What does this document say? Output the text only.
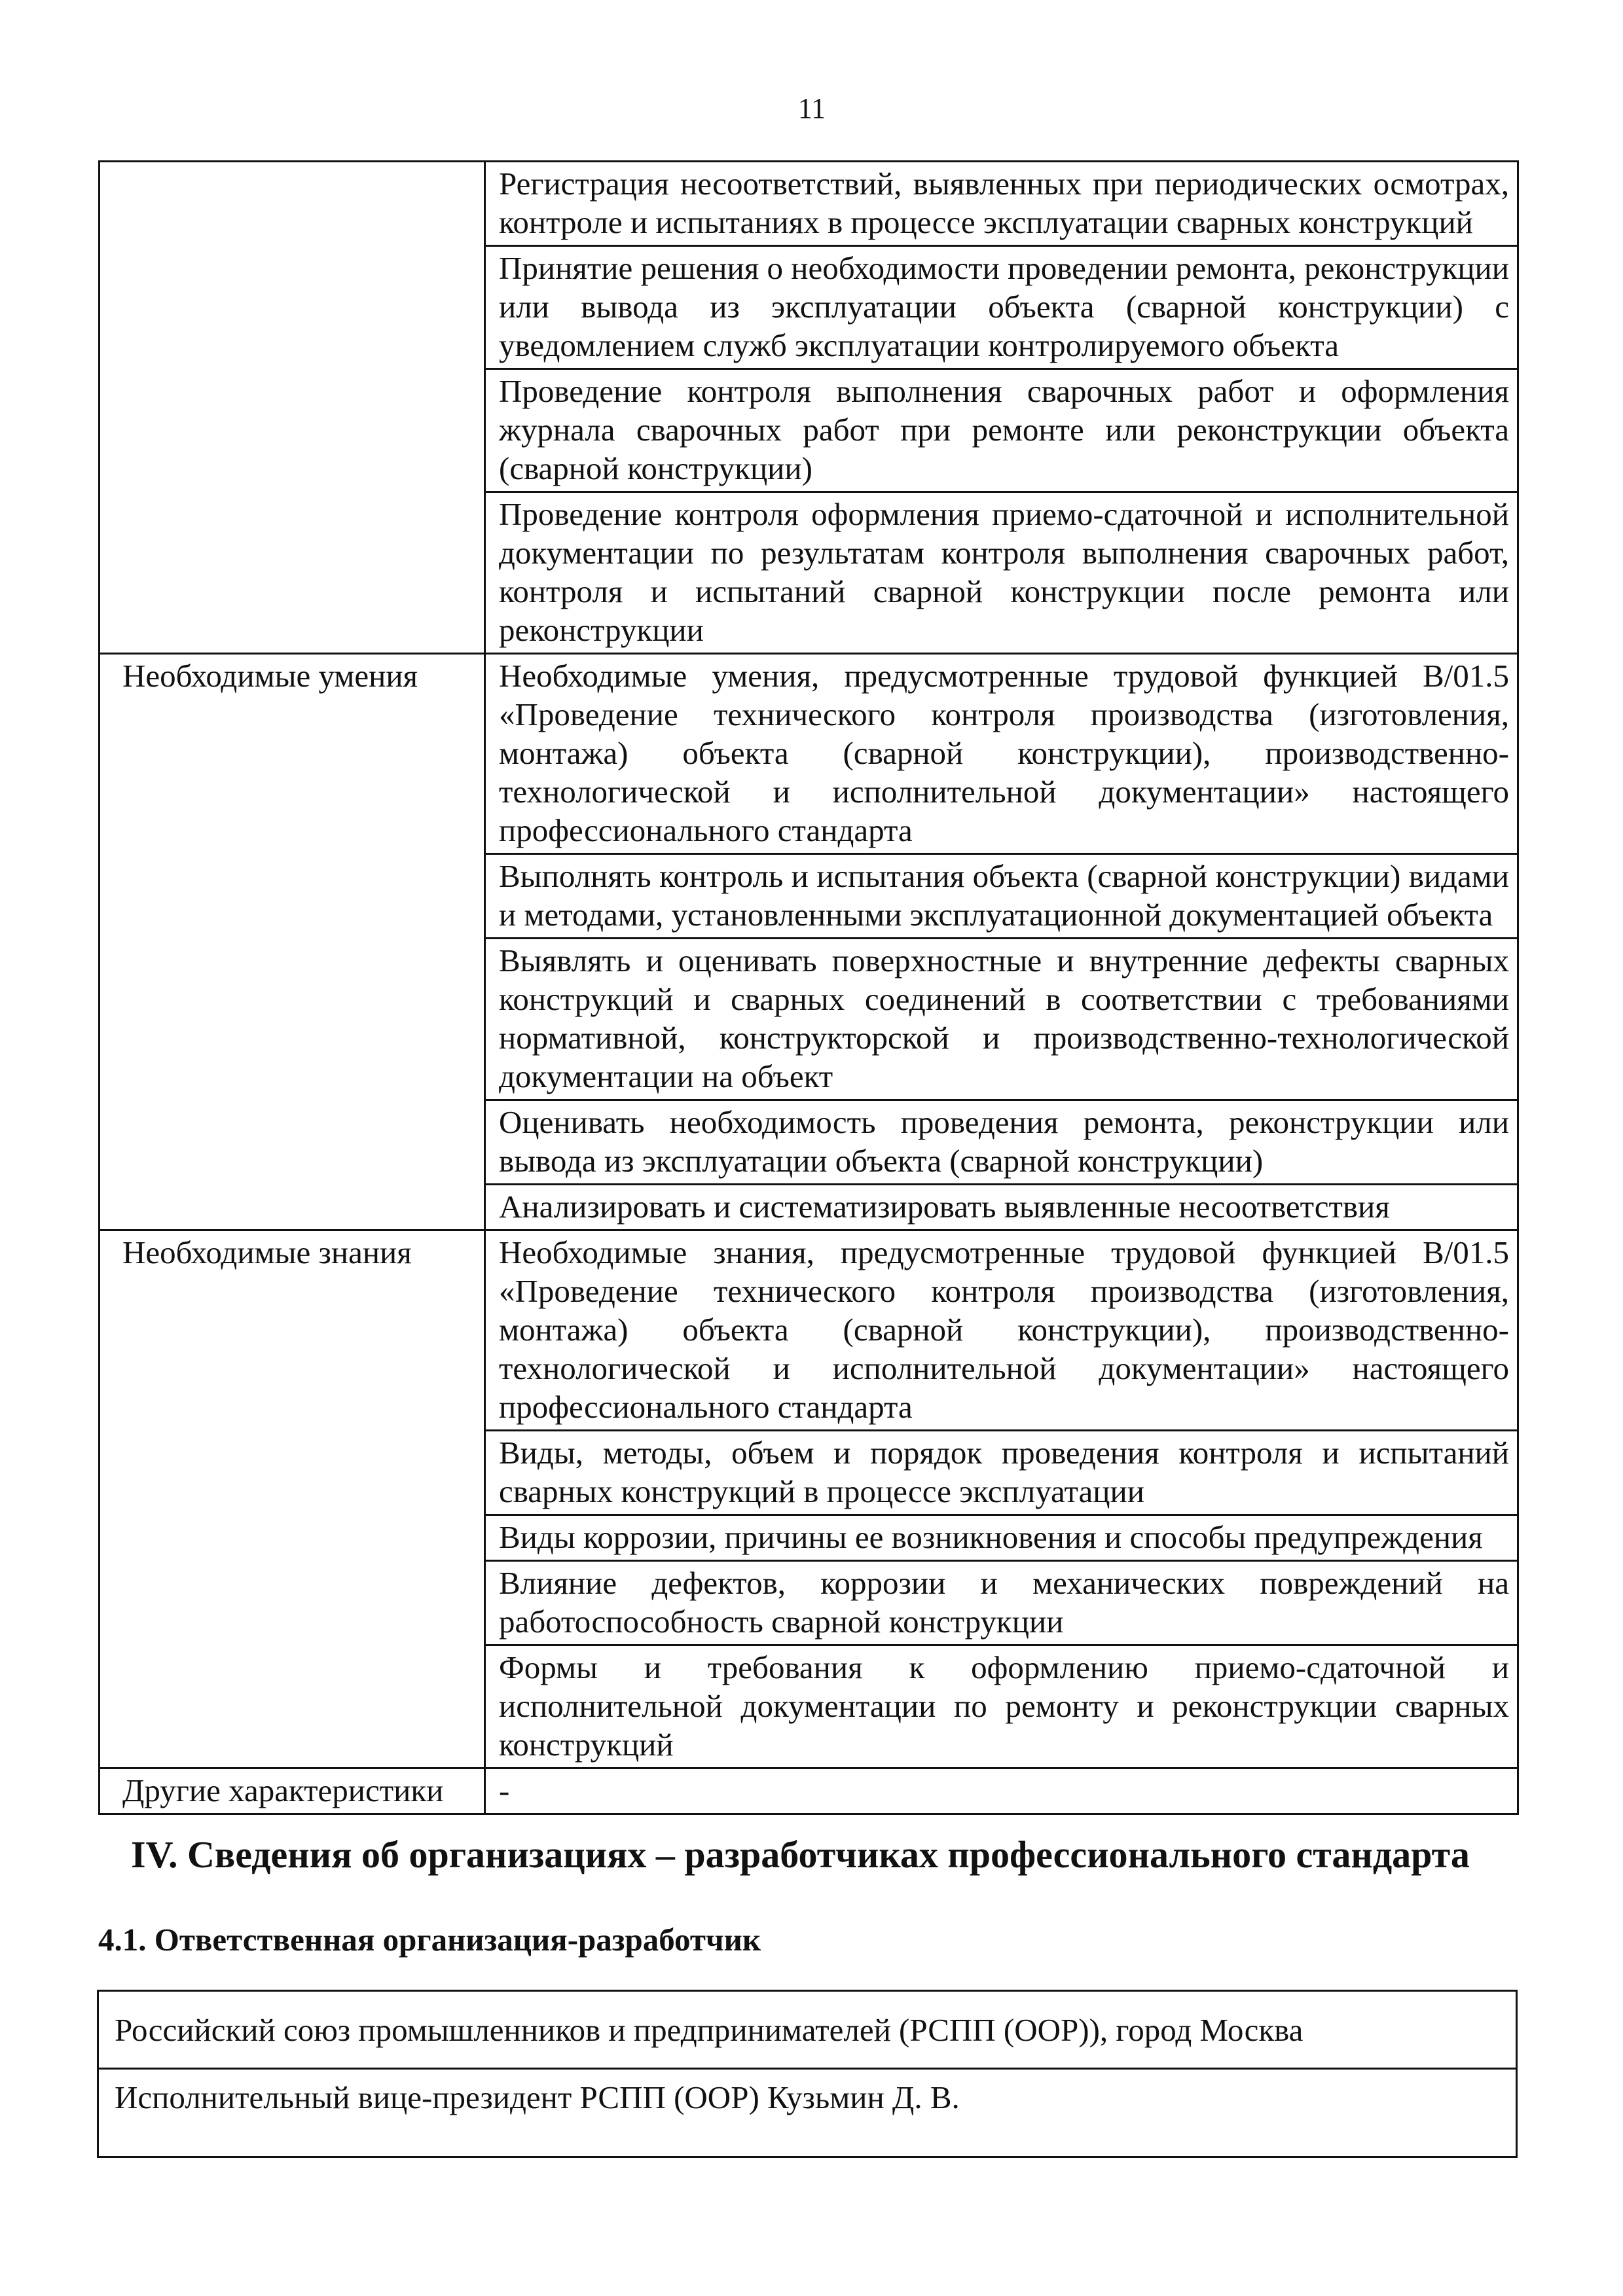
11
	Регистрация несоответствий, выявленных при периодических осмотрах, контроле и испытаниях в процессе эксплуатации сварных конструкций
	Принятие решения о необходимости проведении ремонта, реконструкции или вывода из эксплуатации объекта (сварной конструкции) с уведомлением служб эксплуатации контролируемого объекта
	Проведение контроля выполнения сварочных работ и оформления журнала сварочных работ при ремонте или реконструкции объекта (сварной конструкции)
	Проведение контроля оформления приемо-сдаточной и исполнительной документации по результатам контроля выполнения сварочных работ, контроля и испытаний сварной конструкции после ремонта или реконструкции
Необходимые умения	Необходимые умения, предусмотренные трудовой функцией В/01.5 «Проведение технического контроля производства (изготовления, монтажа) объекта (сварной конструкции), производственно-технологической и исполнительной документации» настоящего профессионального стандарта
	Выполнять контроль и испытания объекта (сварной конструкции) видами и методами, установленными эксплуатационной документацией объекта
	Выявлять и оценивать поверхностные и внутренние дефекты сварных конструкций и сварных соединений в соответствии с требованиями нормативной, конструкторской и производственно-технологической документации на объект
	Оценивать необходимость проведения ремонта, реконструкции или вывода из эксплуатации объекта (сварной конструкции)
	Анализировать и систематизировать выявленные несоответствия
Необходимые знания	Необходимые знания, предусмотренные трудовой функцией В/01.5 «Проведение технического контроля производства (изготовления, монтажа) объекта (сварной конструкции), производственно-технологической и исполнительной документации» настоящего профессионального стандарта
	Виды, методы, объем и порядок проведения контроля и испытаний сварных конструкций в процессе эксплуатации
	Виды коррозии, причины ее возникновения и способы предупреждения
	Влияние дефектов, коррозии и механических повреждений на работоспособность сварной конструкции
	Формы и требования к оформлению приемо-сдаточной и исполнительной документации по ремонту и реконструкции сварных конструкций
Другие характеристики	-
IV. Сведения об организациях – разработчиках профессионального стандарта
4.1. Ответственная организация-разработчик
Российский союз промышленников и предпринимателей (РСПП (ООР)), город Москва
Исполнительный вице-президент РСПП (ООР) Кузьмин Д. В.
